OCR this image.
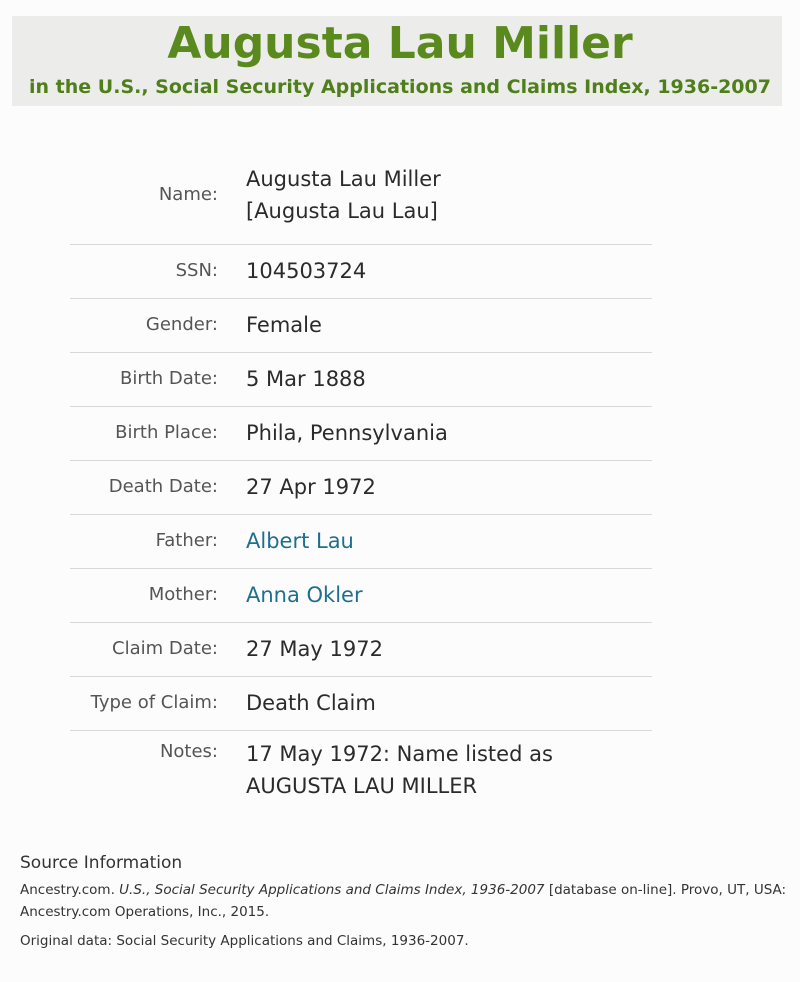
Augusta Lau Miller
in the U.S., Social Security Applications and Claims Index, 1936-2007
Name:
Augusta Lau Miller
[Augusta Lau Lau]
SSN:	104503724
Gender:	Female
Birth Date:	5 Mar 1888
Birth Place:	Phila, Pennsylvania
Death Date:	27 Apr 1972
Father:	Albert Lau
Mother:	Anna Okler
Claim Date:	27 May 1972
Type of Claim:	Death Claim
Notes:	17 May 1972: Name listed as
AUGUSTA LAU MILLER
Source Information
Ancestry.com. U.S., Social Security Applications and Claims Index, 1936-2007 [database on-line]. Provo, UT, USA: Ancestry.com Operations, Inc., 2015.
Original data: Social Security Applications and Claims, 1936-2007.
